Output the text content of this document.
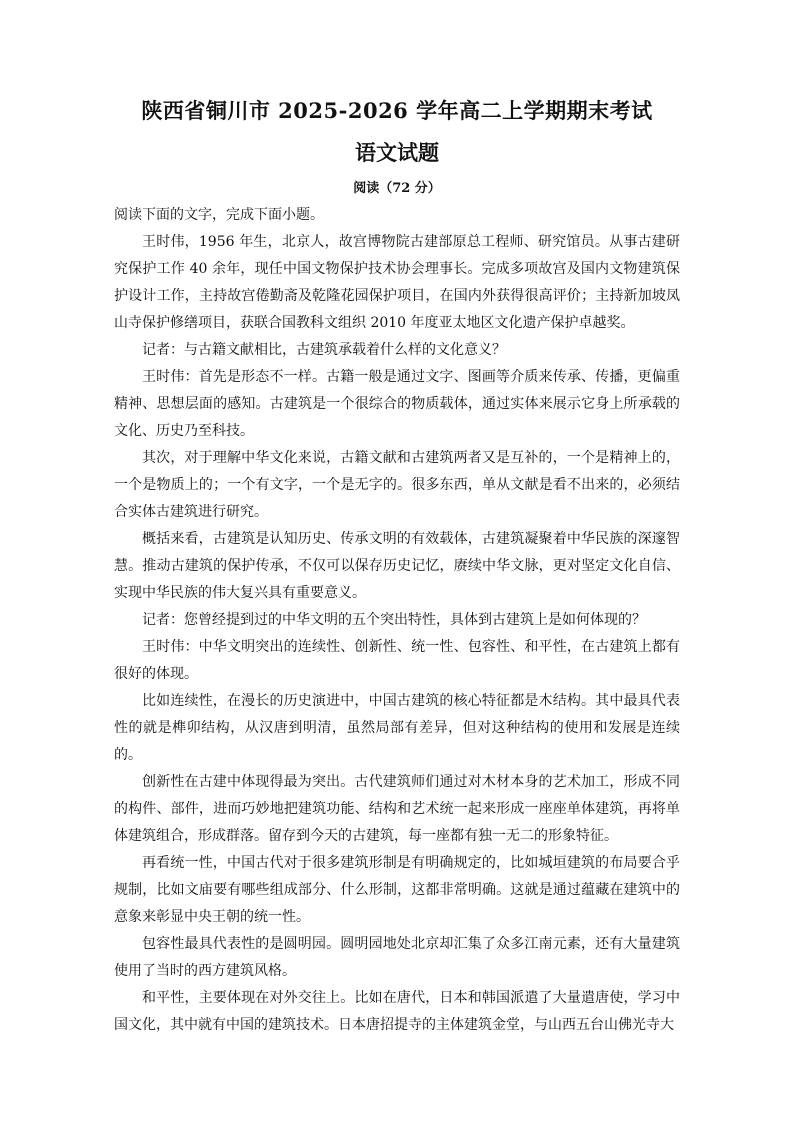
陕西省铜川市 2025-2026 学年高二上学期期末考试
语文试题
阅读（72 分）

阅读下面的文字，完成下面小题。

王时伟，1956 年生，北京人，故宫博物院古建部原总工程师、研究馆员。从事古建研究保护工作 40 余年，现任中国文物保护技术协会理事长。完成多项故宫及国内文物建筑保护设计工作，主持故宫倦勤斋及乾隆花园保护项目，在国内外获得很高评价；主持新加坡凤山寺保护修缮项目，获联合国教科文组织 2010 年度亚太地区文化遗产保护卓越奖。

记者：与古籍文献相比，古建筑承载着什么样的文化意义？

王时伟：首先是形态不一样。古籍一般是通过文字、图画等介质来传承、传播，更偏重精神、思想层面的感知。古建筑是一个很综合的物质载体，通过实体来展示它身上所承载的文化、历史乃至科技。

其次，对于理解中华文化来说，古籍文献和古建筑两者又是互补的，一个是精神上的，一个是物质上的；一个有文字，一个是无字的。很多东西，单从文献是看不出来的，必须结合实体古建筑进行研究。

概括来看，古建筑是认知历史、传承文明的有效载体，古建筑凝聚着中华民族的深邃智慧。推动古建筑的保护传承，不仅可以保存历史记忆，赓续中华文脉，更对坚定文化自信、实现中华民族的伟大复兴具有重要意义。

记者：您曾经提到过的中华文明的五个突出特性，具体到古建筑上是如何体现的？

王时伟：中华文明突出的连续性、创新性、统一性、包容性、和平性，在古建筑上都有很好的体现。

比如连续性，在漫长的历史演进中，中国古建筑的核心特征都是木结构。其中最具代表性的就是榫卯结构，从汉唐到明清，虽然局部有差异，但对这种结构的使用和发展是连续的。

创新性在古建中体现得最为突出。古代建筑师们通过对木材本身的艺术加工，形成不同的构件、部件，进而巧妙地把建筑功能、结构和艺术统一起来形成一座座单体建筑，再将单体建筑组合，形成群落。留存到今天的古建筑，每一座都有独一无二的形象特征。

再看统一性，中国古代对于很多建筑形制是有明确规定的，比如城垣建筑的布局要合乎规制，比如文庙要有哪些组成部分、什么形制，这都非常明确。这就是通过蕴藏在建筑中的意象来彰显中央王朝的统一性。

包容性最具代表性的是圆明园。圆明园地处北京却汇集了众多江南元素，还有大量建筑使用了当时的西方建筑风格。

和平性，主要体现在对外交往上。比如在唐代，日本和韩国派遣了大量遣唐使，学习中国文化，其中就有中国的建筑技术。日本唐招提寺的主体建筑金堂，与山西五台山佛光寺大
